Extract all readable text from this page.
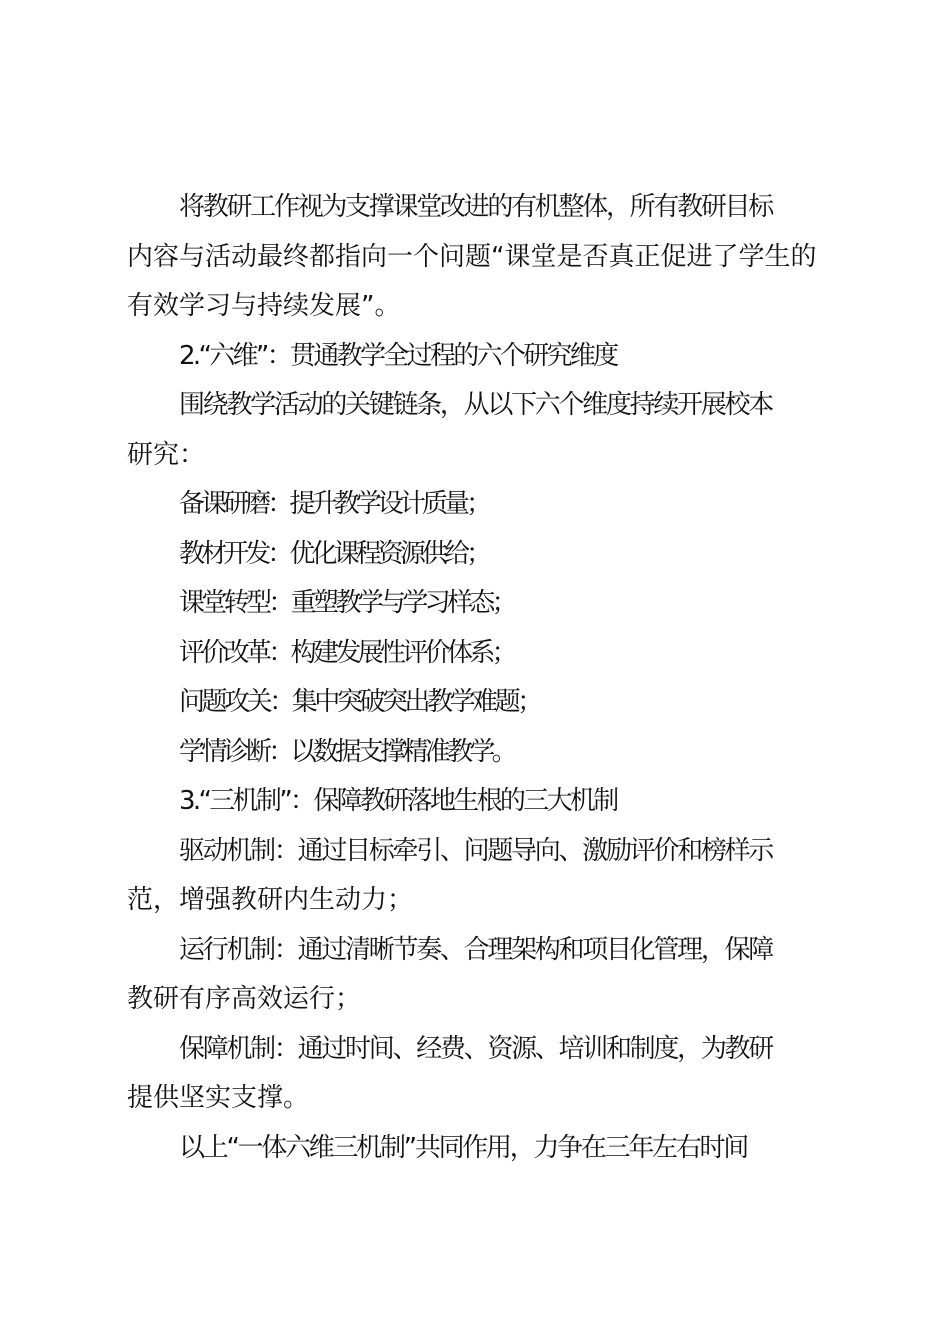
将教研工作视为支撑课堂改进的有机整体，所有教研目标
内容与活动最终都指向一个问题“课堂是否真正促进了学生的
有效学习与持续发展”。
2.“六维”：贯通教学全过程的六个研究维度
围绕教学活动的关键链条，从以下六个维度持续开展校本
研究：
备课研磨：提升教学设计质量；
教材开发：优化课程资源供给；
课堂转型：重塑教学与学习样态；
评价改革：构建发展性评价体系；
问题攻关：集中突破突出教学难题；
学情诊断：以数据支撑精准教学。
3.“三机制”：保障教研落地生根的三大机制
驱动机制：通过目标牵引、问题导向、激励评价和榜样示
范，增强教研内生动力；
运行机制：通过清晰节奏、合理架构和项目化管理，保障
教研有序高效运行；
保障机制：通过时间、经费、资源、培训和制度，为教研
提供坚实支撑。
以上“一体六维三机制”共同作用，力争在三年左右时间
